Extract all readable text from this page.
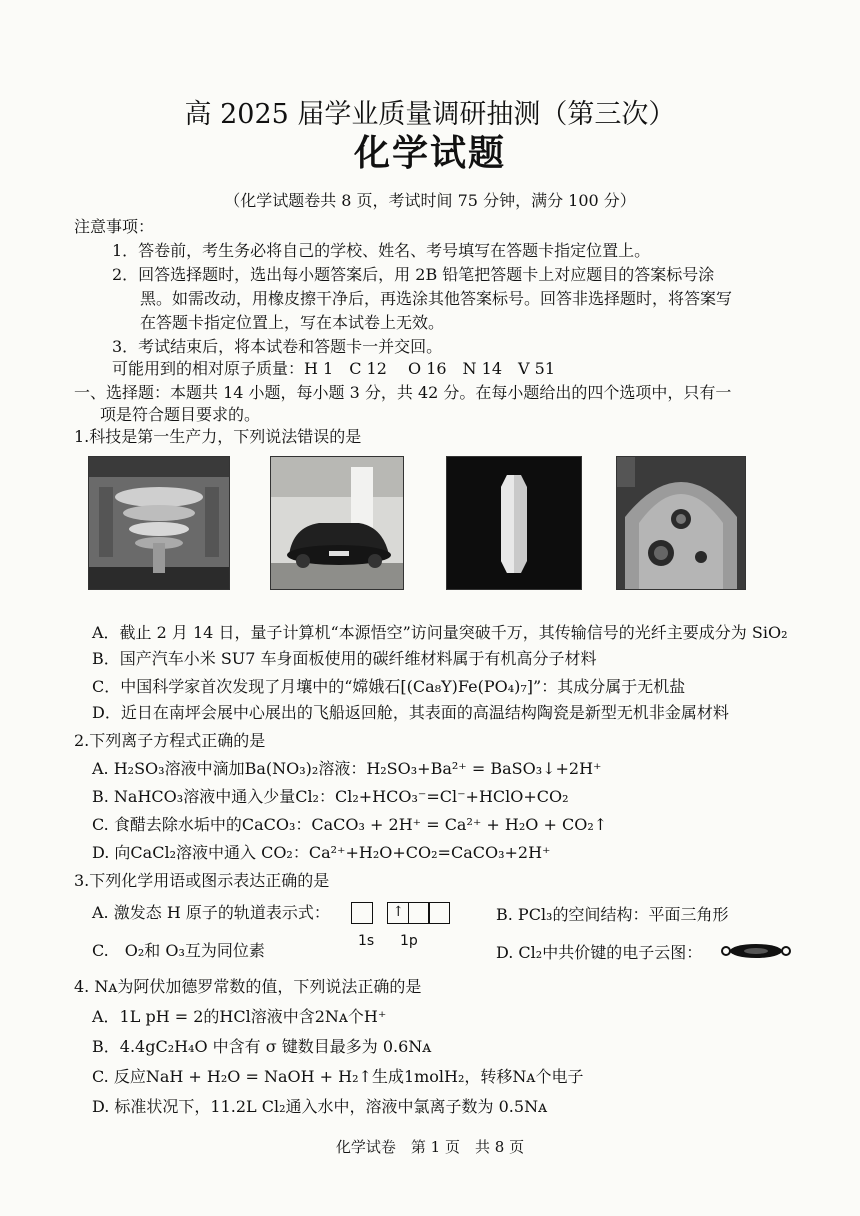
高 2025 届学业质量调研抽测（第三次）
化学试题
（化学试题卷共 8 页，考试时间 75 分钟，满分 100 分）
注意事项：
1．答卷前，考生务必将自己的学校、姓名、考号填写在答题卡指定位置上。
2．回答选择题时，选出每小题答案后，用 2B 铅笔把答题卡上对应题目的答案标号涂
黑。如需改动，用橡皮擦干净后，再选涂其他答案标号。回答非选择题时，将答案写
在答题卡指定位置上，写在本试卷上无效。
3．考试结束后，将本试卷和答题卡一并交回。
可能用到的相对原子质量：H 1　C 12　 O 16　N 14　V 51
一、选择题：本题共 14 小题，每小题 3 分，共 42 分。在每小题给出的四个选项中，只有一
项是符合题目要求的。
1.科技是第一生产力，下列说法错误的是
A．截止 2 月 14 日，量子计算机“本源悟空”访问量突破千万，其传输信号的光纤主要成分为 SiO₂
B．国产汽车小米 SU7 车身面板使用的碳纤维材料属于有机高分子材料
C．中国科学家首次发现了月壤中的“嫦娥石[(Ca₈Y)Fe(PO₄)₇]”：其成分属于无机盐
D．近日在南坪会展中心展出的飞船返回舱，其表面的高温结构陶瓷是新型无机非金属材料
2.下列离子方程式正确的是
A. H₂SO₃溶液中滴加Ba(NO₃)₂溶液：H₂SO₃+Ba²⁺ = BaSO₃↓+2H⁺
B. NaHCO₃溶液中通入少量Cl₂：Cl₂+HCO₃⁻=Cl⁻+HClO+CO₂
C. 食醋去除水垢中的CaCO₃：CaCO₃ + 2H⁺ = Ca²⁺ + H₂O + CO₂↑
D. 向CaCl₂溶液中通入 CO₂：Ca²⁺+H₂O+CO₂=CaCO₃+2H⁺
3.下列化学用语或图示表达正确的是
A. 激发态 H 原子的轨道表示式：	↑
1s 1p
B. PCl₃的空间结构：平面三角形
C.　O₂和 O₃互为同位素	D. Cl₂中共价键的电子云图：
4. Nᴀ为阿伏加德罗常数的值，下列说法正确的是
A．1L pH = 2的HCl溶液中含2Nᴀ个H⁺
B．4.4gC₂H₄O 中含有 σ 键数目最多为 0.6Nᴀ
C. 反应NaH + H₂O = NaOH + H₂↑生成1molH₂，转移Nᴀ个电子
D. 标准状况下，11.2L Cl₂通入水中，溶液中氯离子数为 0.5Nᴀ
化学试卷　第 1 页　共 8 页
